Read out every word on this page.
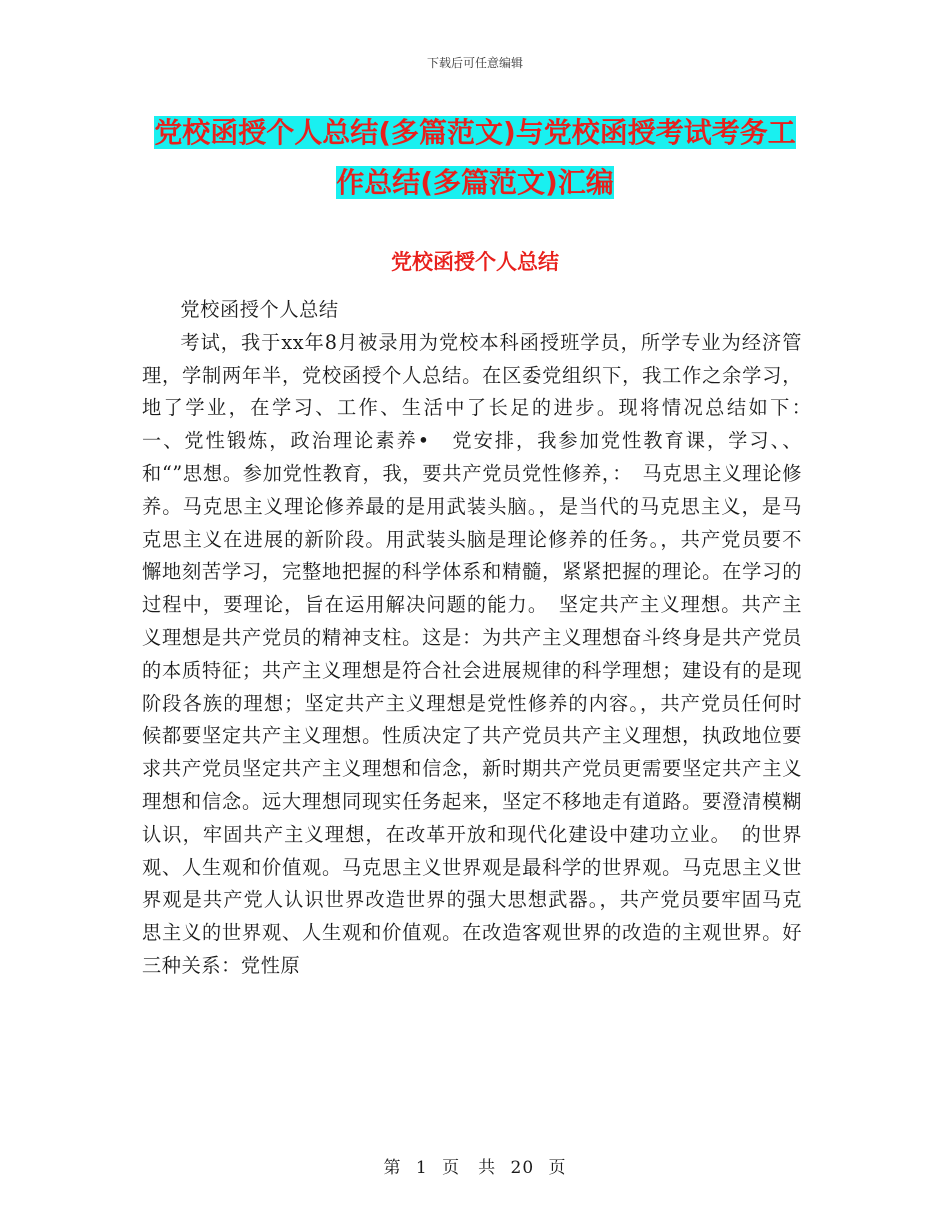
下载后可任意编辑
党校函授个人总结(多篇范文)与党校函授考试考务工
作总结(多篇范文)汇编
党校函授个人总结

党校函授个人总结

考试，我于xx年8月被录用为党校本科函授班学员，所学专业为经济管理，学制两年半，党校函授个人总结。在区委党组织下，我工作之余学习，地了学业，在学习、工作、生活中了长足的进步。现将情况总结如下：　一、党性锻炼，政治理论素养•　党安排，我参加党性教育课，学习、、和“”思想。参加党性教育，我，要共产党员党性修养，：　马克思主义理论修养。马克思主义理论修养最的是用武装头脑。，是当代的马克思主义，是马克思主义在进展的新阶段。用武装头脑是理论修养的任务。，共产党员要不懈地刻苦学习，完整地把握的科学体系和精髓，紧紧把握的理论。在学习的过程中，要理论，旨在运用解决问题的能力。　坚定共产主义理想。共产主义理想是共产党员的精神支柱。这是：为共产主义理想奋斗终身是共产党员的本质特征；共产主义理想是符合社会进展规律的科学理想；建设有的是现阶段各族的理想；坚定共产主义理想是党性修养的内容。，共产党员任何时候都要坚定共产主义理想。性质决定了共产党员共产主义理想，执政地位要求共产党员坚定共产主义理想和信念，新时期共产党员更需要坚定共产主义理想和信念。远大理想同现实任务起来，坚定不移地走有道路。要澄清模糊认识，牢固共产主义理想，在改革开放和现代化建设中建功立业。　的世界观、人生观和价值观。马克思主义世界观是最科学的世界观。马克思主义世界观是共产党人认识世界改造世界的强大思想武器。，共产党员要牢固马克思主义的世界观、人生观和价值观。在改造客观世界的改造的主观世界。好三种关系：党性原

第 1 页　共 20 页
